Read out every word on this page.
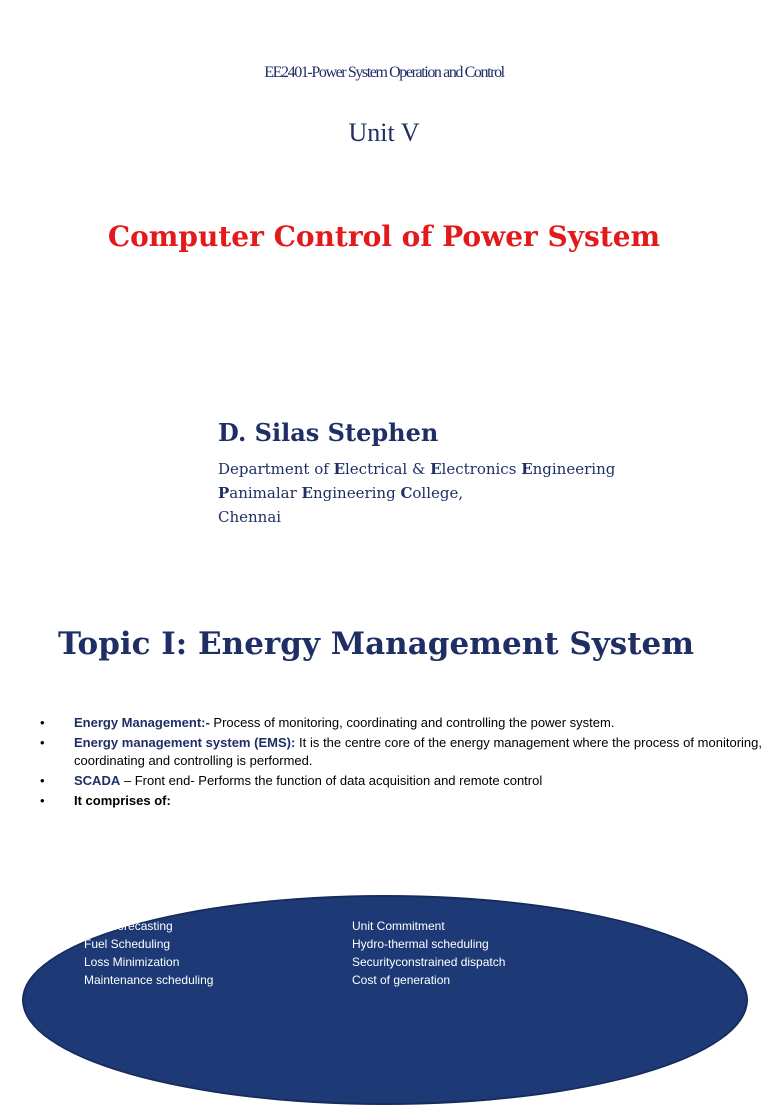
EE2401-Power System Operation and Control
Unit V
Computer Control of Power System
D. Silas Stephen
Department of Electrical & Electronics Engineering
Panimalar Engineering College,
Chennai
Topic I: Energy Management System
• Energy Management:- Process of monitoring, coordinating and controlling the power system.
• Energy management system (EMS): It is the centre core of the energy management where the process of monitoring, coordinating and controlling is performed.
• SCADA – Front end- Performs the function of data acquisition and remote control
• It comprises of:
Load forecasting
Fuel Scheduling
Loss Minimization
Maintenance scheduling
Unit Commitment
Hydro-thermal scheduling
Securityconstrained dispatch
Cost of generation
